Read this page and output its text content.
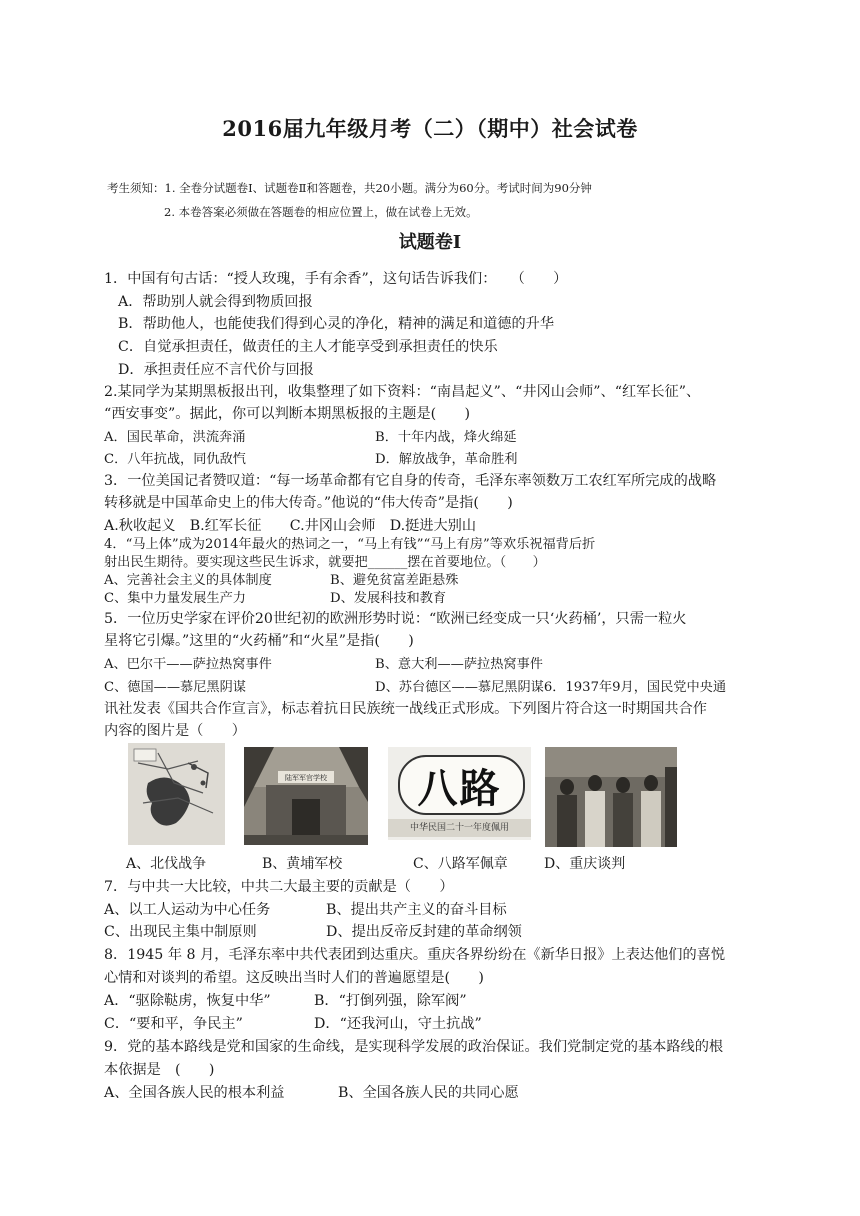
2016届九年级月考（二）（期中）社会试卷
考生须知：1. 全卷分试题卷Ⅰ、试题卷Ⅱ和答题卷，共20小题。满分为60分。考试时间为90分钟
2. 本卷答案必须做在答题卷的相应位置上，做在试卷上无效。
试题卷Ⅰ
1．中国有句古话：“授人玫瑰，手有余香”，这句话告诉我们：　　（　　）
A．帮助别人就会得到物质回报
B．帮助他人，也能使我们得到心灵的净化，精神的满足和道德的升华
C．自觉承担责任，做责任的主人才能享受到承担责任的快乐
D．承担责任应不言代价与回报
2.某同学为某期黑板报出刊，收集整理了如下资料：“南昌起义”、“井冈山会师”、“红军长征”、
“西安事变”。据此，你可以判断本期黑板报的主题是(　　)
A．国民革命，洪流奔涌	B．十年内战，烽火绵延
C．八年抗战，同仇敌忾	D．解放战争，革命胜利
3．一位美国记者赞叹道：“每一场革命都有它自身的传奇，毛泽东率领数万工农红军所完成的战略
转移就是中国革命史上的伟大传奇。”他说的“伟大传奇”是指(　　)
A.秋收起义　B.红军长征　　C.井冈山会师　D.挺进大别山
4．“马上体”成为2014年最火的热词之一，“马上有钱”“马上有房”等欢乐祝福背后折
射出民生期待。要实现这些民生诉求，就要把______摆在首要地位。（　　）
A、完善社会主义的具体制度	B、避免贫富差距悬殊
C、集中力量发展生产力	D、发展科技和教育
5．一位历史学家在评价20世纪初的欧洲形势时说：“欧洲已经变成一只‘火药桶’，只需一粒火
星将它引爆。”这里的“火药桶”和“火星”是指(　　)
A、巴尔干——萨拉热窝事件	B、意大利——萨拉热窝事件
C、德国——慕尼黑阴谋	D、苏台德区——慕尼黑阴谋6．1937年9月，国民党中央通
讯社发表《国共合作宣言》，标志着抗日民族统一战线正式形成。下列图片符合这一时期国共合作
内容的图片是（　　）
陆军军官学校	八路
中华民国二十一年度佩用
A、北伐战争	B、黄埔军校	C、八路军佩章	D、重庆谈判
7．与中共一大比较，中共二大最主要的贡献是（　　）
A、以工人运动为中心任务	B、提出共产主义的奋斗目标
C、出现民主集中制原则	D、提出反帝反封建的革命纲领
8．1945 年 8 月，毛泽东率中共代表团到达重庆。重庆各界纷纷在《新华日报》上表达他们的喜悦
心情和对谈判的希望。这反映出当时人们的普遍愿望是(　　)
A．“驱除鞑虏，恢复中华”	B．“打倒列强，除军阀”
C．“要和平，争民主”	D．“还我河山，守土抗战”
9．党的基本路线是党和国家的生命线，是实现科学发展的政治保证。我们党制定党的基本路线的根
本依据是　(　　)
A、全国各族人民的根本利益	B、全国各族人民的共同心愿
